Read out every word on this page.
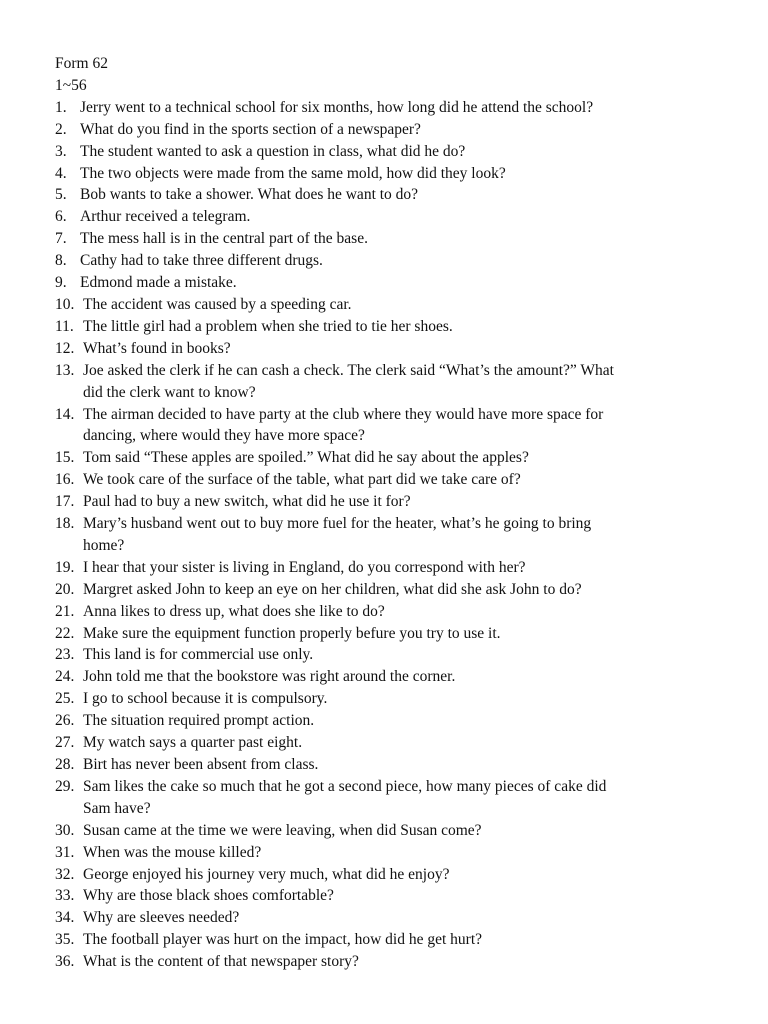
Form 62
1~56
1. Jerry went to a technical school for six months, how long did he attend the school?
2. What do you find in the sports section of a newspaper?
3. The student wanted to ask a question in class, what did he do?
4. The two objects were made from the same mold, how did they look?
5. Bob wants to take a shower. What does he want to do?
6. Arthur received a telegram.
7. The mess hall is in the central part of the base.
8. Cathy had to take three different drugs.
9. Edmond made a mistake.
10. The accident was caused by a speeding car.
11. The little girl had a problem when she tried to tie her shoes.
12. What’s found in books?
13. Joe asked the clerk if he can cash a check. The clerk said “What’s the amount?” What
did the clerk want to know?
14. The airman decided to have party at the club where they would have more space for
dancing, where would they have more space?
15. Tom said “These apples are spoiled.” What did he say about the apples?
16. We took care of the surface of the table, what part did we take care of?
17. Paul had to buy a new switch, what did he use it for?
18. Mary’s husband went out to buy more fuel for the heater, what’s he going to bring
home?
19. I hear that your sister is living in England, do you correspond with her?
20. Margret asked John to keep an eye on her children, what did she ask John to do?
21. Anna likes to dress up, what does she like to do?
22. Make sure the equipment function properly befure you try to use it.
23. This land is for commercial use only.
24. John told me that the bookstore was right around the corner.
25. I go to school because it is compulsory.
26. The situation required prompt action.
27. My watch says a quarter past eight.
28. Birt has never been absent from class.
29. Sam likes the cake so much that he got a second piece, how many pieces of cake did
Sam have?
30. Susan came at the time we were leaving, when did Susan come?
31. When was the mouse killed?
32. George enjoyed his journey very much, what did he enjoy?
33. Why are those black shoes comfortable?
34. Why are sleeves needed?
35. The football player was hurt on the impact, how did he get hurt?
36. What is the content of that newspaper story?
